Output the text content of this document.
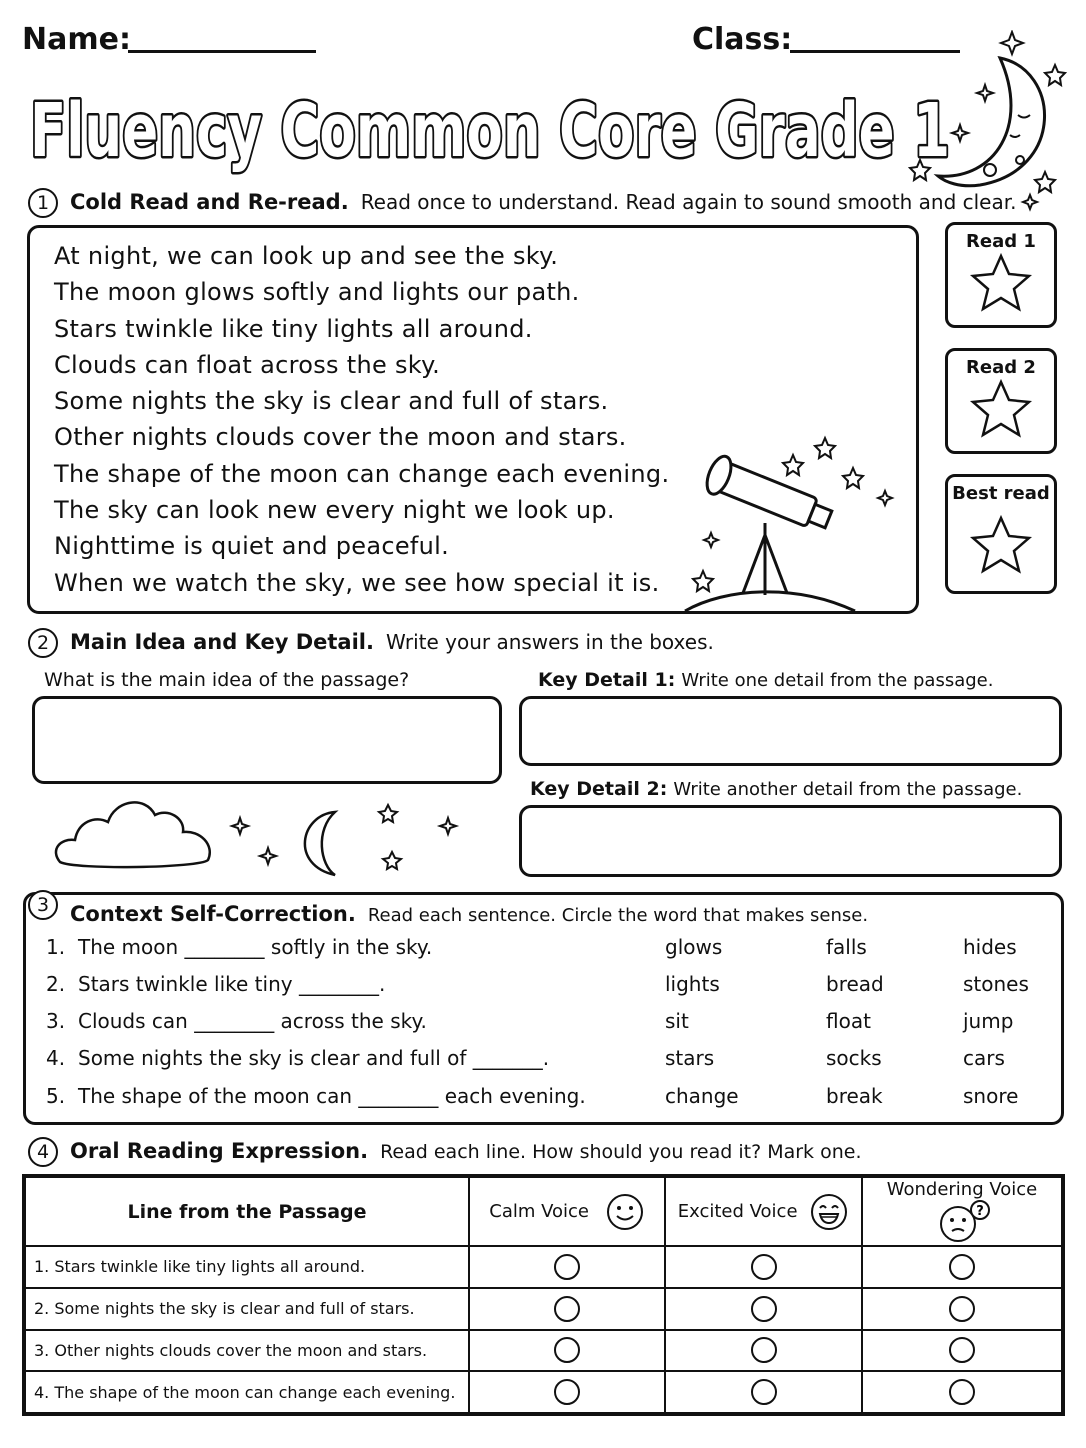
Name:	Class:
Fluency Common Core Grade 1
1 Cold Read and Re-read. Read once to understand. Read again to sound smooth and clear.
At night, we can look up and see the sky.
The moon glows softly and lights our path.
Stars twinkle like tiny lights all around.
Clouds can float across the sky.
Some nights the sky is clear and full of stars.
Other nights clouds cover the moon and stars.
The shape of the moon can change each evening.
The sky can look new every night we look up.
Nighttime is quiet and peaceful.
When we watch the sky, we see how special it is.
Read 1
Read 2
Best read
2 Main Idea and Key Detail. Write your answers in the boxes.
What is the main idea of the passage?	Key Detail 1: Write one detail from the passage.
Key Detail 2: Write another detail from the passage.
3 Context Self-Correction. Read each sentence. Circle the word that makes sense.
1. The moon ________ softly in the sky.	glows	falls	hides
2. Stars twinkle like tiny ________.	lights	bread	stones
3. Clouds can ________ across the sky.	sit	float	jump
4. Some nights the sky is clear and full of _______.	stars	socks	cars
5. The shape of the moon can ________ each evening.	change	break	snore
4 Oral Reading Expression. Read each line. How should you read it? Mark one.
Line from the Passage	Calm Voice	Excited Voice	Wondering Voice
?

1. Stars twinkle like tiny lights all around.	

2. Some nights the sky is clear and full of stars.	

3. Other nights clouds cover the moon and stars.	

4. The shape of the moon can change each evening.	
